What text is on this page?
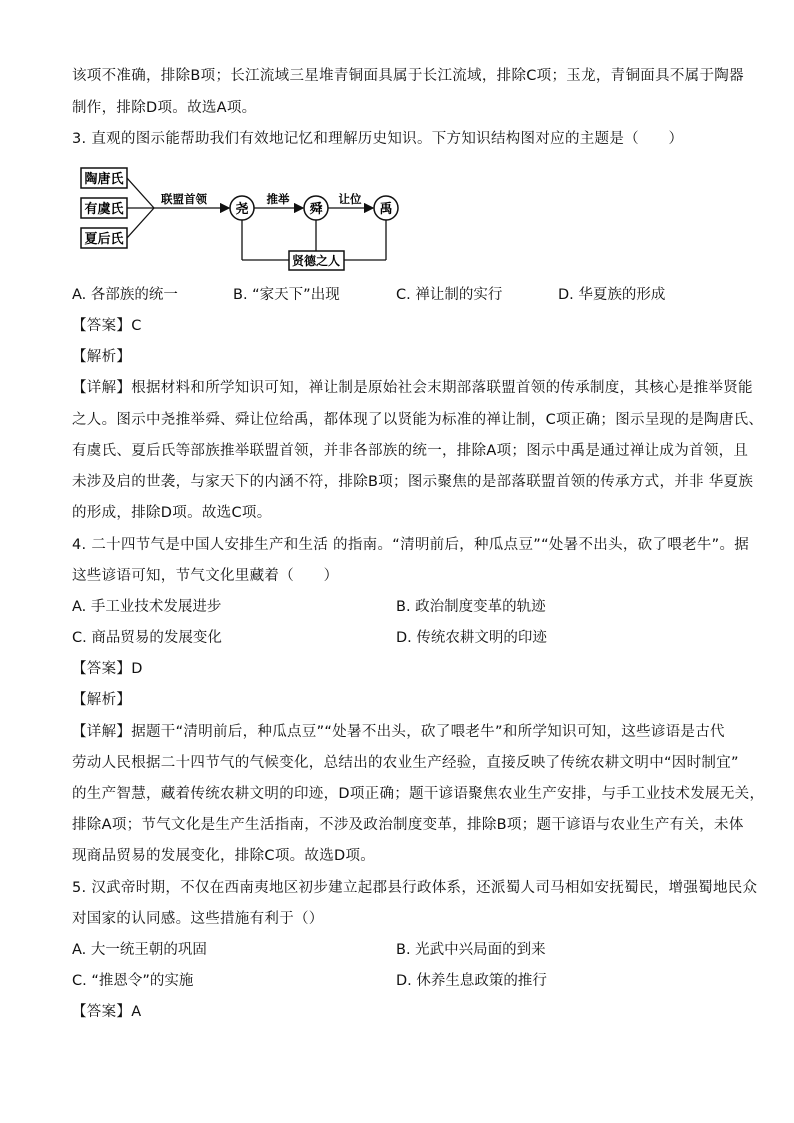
该项不准确，排除B项；长江流域三星堆青铜面具属于长江流域，排除C项；玉龙，青铜面具不属于陶器
制作，排除D项。故选A项。
3. 直观的图示能帮助我们有效地记忆和理解历史知识。下方知识结构图对应的主题是（　　）
陶唐氏
有虞氏
夏后氏
联盟首领
尧
推举
舜
让位
禹
贤德之人
A. 各部族的统一	B. “家天下”出现	C. 禅让制的实行	D. 华夏族的形成
【答案】C
【解析】
【详解】根据材料和所学知识可知，禅让制是原始社会末期部落联盟首领的传承制度，其核心是推举贤能
之人。图示中尧推举舜、舜让位给禹，都体现了以贤能为标准的禅让制，C项正确；图示呈现的是陶唐氏、
有虞氏、夏后氏等部族推举联盟首领，并非各部族的统一，排除A项；图示中禹是通过禅让成为首领，且
未涉及启的世袭，与家天下的内涵不符，排除B项；图示聚焦的是部落联盟首领的传承方式，并非 华夏族
的形成，排除D项。故选C项。
4. 二十四节气是中国人安排生产和生活 的指南。“清明前后，种瓜点豆”“处暑不出头，砍了喂老牛”。据
这些谚语可知，节气文化里藏着（　　）
A. 手工业技术发展进步	B. 政治制度变革的轨迹
C. 商品贸易的发展变化	D. 传统农耕文明的印迹
【答案】D
【解析】
【详解】据题干“清明前后，种瓜点豆”“处暑不出头，砍了喂老牛”和所学知识可知，这些谚语是古代
劳动人民根据二十四节气的气候变化，总结出的农业生产经验，直接反映了传统农耕文明中“因时制宜”
的生产智慧，藏着传统农耕文明的印迹，D项正确；题干谚语聚焦农业生产安排，与手工业技术发展无关，
排除A项；节气文化是生产生活指南，不涉及政治制度变革，排除B项；题干谚语与农业生产有关，未体
现商品贸易的发展变化，排除C项。故选D项。
5. 汉武帝时期，不仅在西南夷地区初步建立起郡县行政体系，还派蜀人司马相如安抚蜀民，增强蜀地民众
对国家的认同感。这些措施有利于（）
A. 大一统王朝的巩固	B. 光武中兴局面的到来
C. “推恩令”的实施	D. 休养生息政策的推行
【答案】A
